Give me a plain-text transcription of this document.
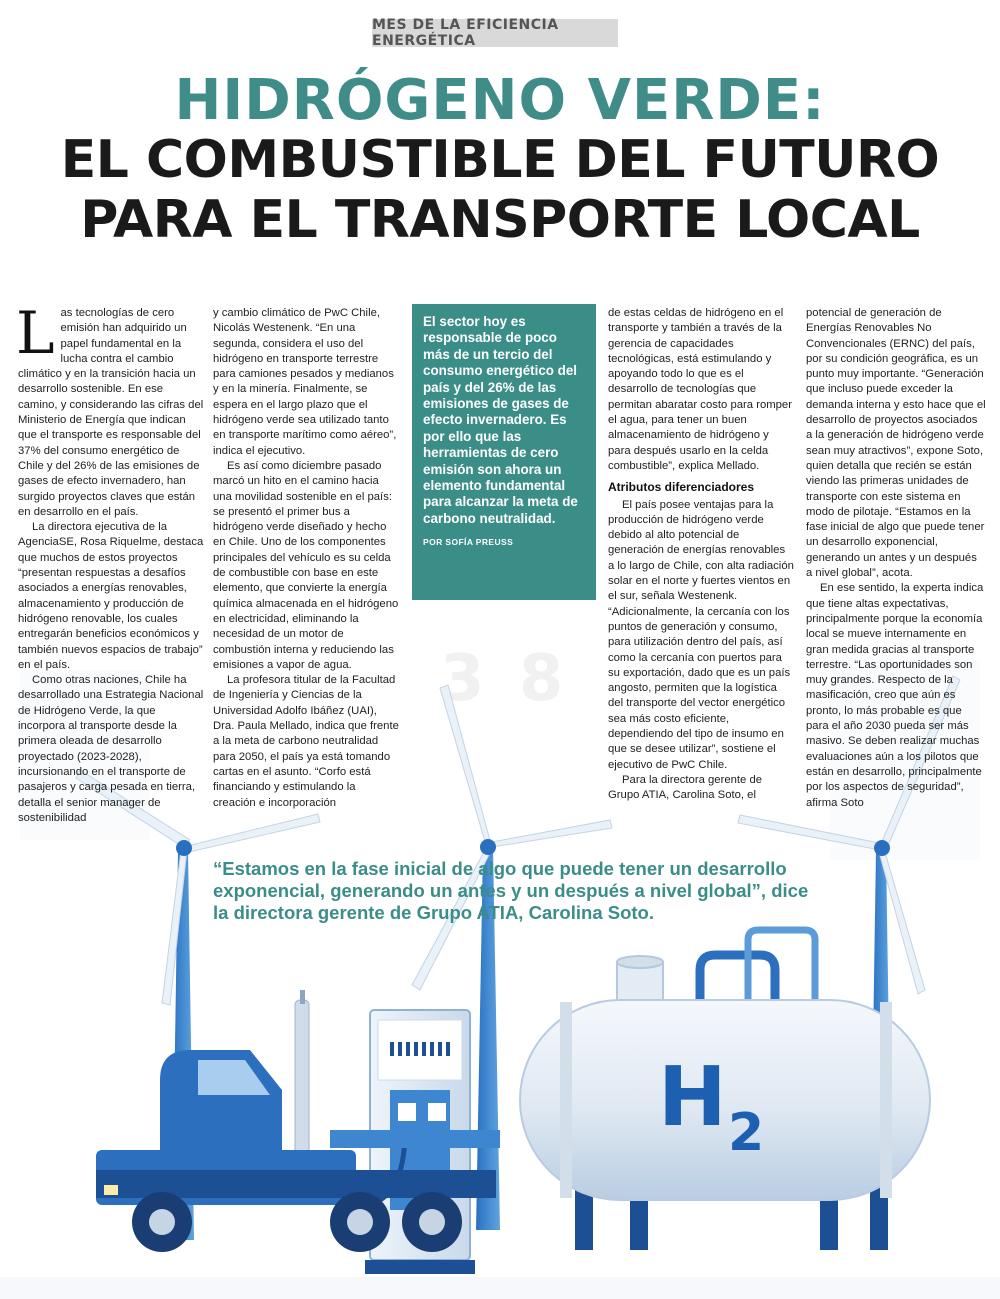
MES DE LA EFICIENCIA ENERGÉTICA
HIDRÓGENO VERDE:
EL COMBUSTIBLE DEL FUTURO
PARA EL TRANSPORTE LOCAL
3 8
H 2
L as tecnologías de cero emisión han adquirido un papel fundamental en la lucha contra el cambio climático y en la transición hacia un desarrollo sostenible. En ese camino, y considerando las cifras del Ministerio de Energía que indican que el transporte es responsable del 37% del consumo energético de Chile y del 26% de las emisiones de gases de efecto invernadero, han surgido proyectos claves que están en desarrollo en el país.

La directora ejecutiva de la AgenciaSE, Rosa Riquelme, destaca que muchos de estos proyectos “presentan respuestas a desafíos asociados a energías renovables, almacenamiento y producción de hidrógeno renovable, los cuales entregarán beneficios económicos y también nuevos espacios de trabajo” en el país.

Como otras naciones, Chile ha desarrollado una Estrategia Nacional de Hidrógeno Verde, la que incorpora al transporte desde la primera oleada de desarrollo proyectado (2023-2028), incursionando en el transporte de pasajeros y carga pesada en tierra, detalla el senior manager de sostenibilidad

y cambio climático de PwC Chile, Nicolás Westenenk. “En una segunda, considera el uso del hidrógeno en transporte terrestre para camiones pesados y medianos y en la minería. Finalmente, se espera en el largo plazo que el hidrógeno verde sea utilizado tanto en transporte marítimo como aéreo”, indica el ejecutivo.

Es así como diciembre pasado marcó un hito en el camino hacia una movilidad sostenible en el país: se presentó el primer bus a hidrógeno verde diseñado y hecho en Chile. Uno de los componentes principales del vehículo es su celda de combustible con base en este elemento, que convierte la energía química almacenada en el hidrógeno en electricidad, eliminando la necesidad de un motor de combustión interna y reduciendo las emisiones a vapor de agua.

La profesora titular de la Facultad de Ingeniería y Ciencias de la Universidad Adolfo Ibáñez (UAI), Dra. Paula Mellado, indica que frente a la meta de carbono neutralidad para 2050, el país ya está tomando cartas en el asunto. “Corfo está financiando y estimulando la creación e incorporación

El sector hoy es responsable de poco más de un tercio del consumo energético del país y del 26% de las emisiones de gases de efecto invernadero. Es por ello que las herramientas de cero emisión son ahora un elemento fundamental para alcanzar la meta de carbono neutralidad.
POR SOFÍA PREUSS

de estas celdas de hidrógeno en el transporte y también a través de la gerencia de capacidades tecnológicas, está estimulando y apoyando todo lo que es el desarrollo de tecnologías que permitan abaratar costo para romper el agua, para tener un buen almacenamiento de hidrógeno y para después usarlo en la celda combustible”, explica Mellado.

Atributos diferenciadores

El país posee ventajas para la producción de hidrógeno verde debido al alto potencial de generación de energías renovables a lo largo de Chile, con alta radiación solar en el norte y fuertes vientos en el sur, señala Westenenk. “Adicionalmente, la cercanía con los puntos de generación y consumo, para utilización dentro del país, así como la cercanía con puertos para su exportación, dado que es un país angosto, permiten que la logística del transporte del vector energético sea más costo eficiente, dependiendo del tipo de insumo en que se desee utilizar”, sostiene el ejecutivo de PwC Chile.

Para la directora gerente de Grupo ATIA, Carolina Soto, el

potencial de generación de Energías Renovables No Convencionales (ERNC) del país, por su condición geográfica, es un punto muy importante. “Generación que incluso puede exceder la demanda interna y esto hace que el desarrollo de proyectos asociados a la generación de hidrógeno verde sean muy atractivos”, expone Soto, quien detalla que recién se están viendo las primeras unidades de transporte con este sistema en modo de pilotaje. “Estamos en la fase inicial de algo que puede tener un desarrollo exponencial, generando un antes y un después a nivel global”, acota.

En ese sentido, la experta indica que tiene altas expectativas, principalmente porque la economía local se mueve internamente en gran medida gracias al transporte terrestre. “Las oportunidades son muy grandes. Respecto de la masificación, creo que aún es pronto, lo más probable es que para el año 2030 pueda ser más masivo. Se deben realizar muchas evaluaciones aún a los pilotos que están en desarrollo, principalmente por los aspectos de seguridad”, afirma Soto

“Estamos en la fase inicial de algo que puede tener un desarrollo exponencial, generando un antes y un después a nivel global”, dice la directora gerente de Grupo ATIA, Carolina Soto.
